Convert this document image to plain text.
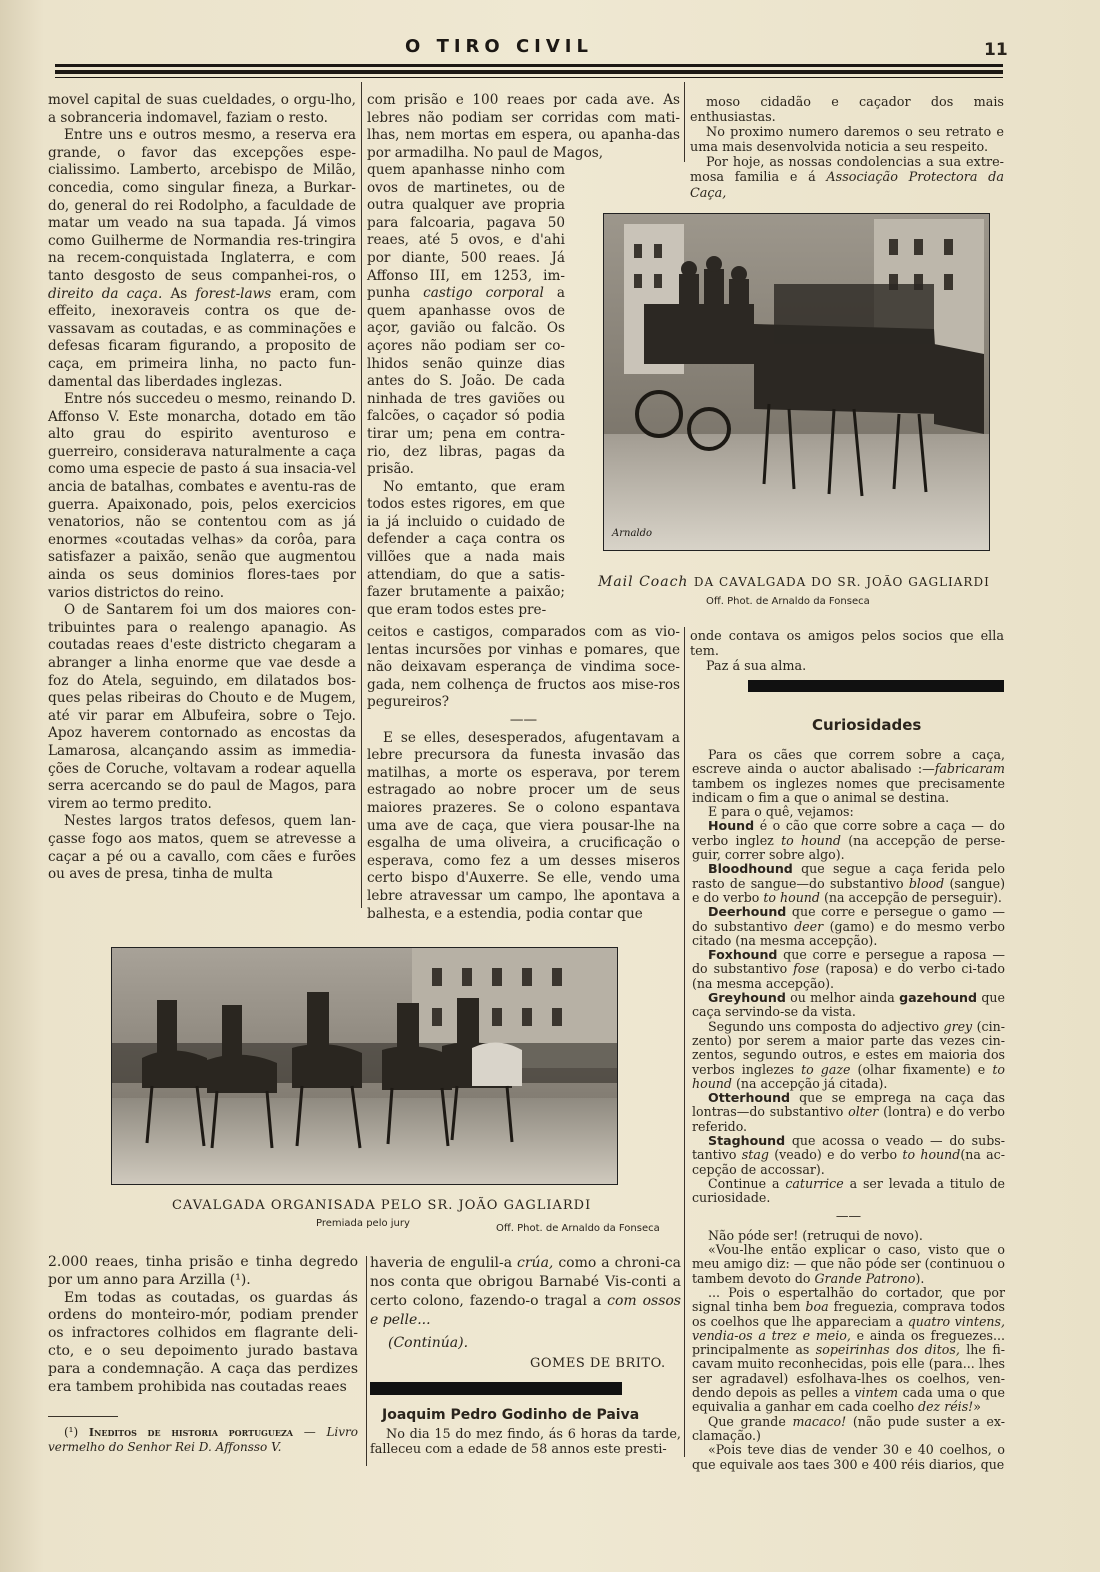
O TIRO CIVIL	11

movel capital de suas cueldades, o orgu-lho, a sobranceria indomavel, faziam o resto.

Entre uns e outros mesmo, a reserva era grande, o favor das excepções espe-cialissimo. Lamberto, arcebispo de Milão, concedia, como singular fineza, a Burkar-do, general do rei Rodolpho, a faculdade de matar um veado na sua tapada. Já vimos como Guilherme de Normandia res-tringira na recem-conquistada Inglaterra, e com tanto desgosto de seus companhei-ros, o direito da caça. As forest-laws eram, com effeito, inexoraveis contra os que de-vassavam as coutadas, e as comminações e defesas ficaram figurando, a proposito de caça, em primeira linha, no pacto fun-damental das liberdades inglezas.

Entre nós succedeu o mesmo, reinando D. Affonso V. Este monarcha, dotado em tão alto grau do espirito aventuroso e guerreiro, considerava naturalmente a caça como uma especie de pasto á sua insacia-vel ancia de batalhas, combates e aventu-ras de guerra. Apaixonado, pois, pelos exercicios venatorios, não se contentou com as já enormes «coutadas velhas» da corôa, para satisfazer a paixão, senão que augmentou ainda os seus dominios flores-taes por varios districtos do reino.

O de Santarem foi um dos maiores con-tribuintes para o realengo apanagio. As coutadas reaes d'este districto chegaram a abranger a linha enorme que vae desde a foz do Atela, seguindo, em dilatados bos-ques pelas ribeiras do Chouto e de Mugem, até vir parar em Albufeira, sobre o Tejo. Apoz haverem contornado as encostas da Lamarosa, alcançando assim as immedia-ções de Coruche, voltavam a rodear aquella serra acercando se do paul de Magos, para virem ao termo predito.

Nestes largos tratos defesos, quem lan-çasse fogo aos matos, quem se atrevesse a caçar a pé ou a cavallo, com cães e furões ou aves de presa, tinha de multa

com prisão e 100 reaes por cada ave. As lebres não podiam ser corridas com mati-lhas, nem mortas em espera, ou apanha-das por armadilha. No paul de Magos,

quem apanhasse ninho com ovos de martinetes, ou de outra qualquer ave propria para falcoaria, pagava 50 reaes, até 5 ovos, e d'ahi por diante, 500 reaes. Já Affonso III, em 1253, im-punha castigo corporal a quem apanhasse ovos de açor, gavião ou falcão. Os açores não podiam ser co-lhidos senão quinze dias antes do S. João. De cada ninhada de tres gaviões ou falcões, o caçador só podia tirar um; pena em contra-rio, dez libras, pagas da prisão.

No emtanto, que eram todos estes rigores, em que ia já incluido o cuidado de defender a caça contra os villões que a nada mais attendiam, do que a satis-fazer brutamente a paixão; que eram todos estes pre-

ceitos e castigos, comparados com as vio-lentas incursões por vinhas e pomares, que não deixavam esperança de vindima soce-gada, nem colhença de fructos aos mise-ros pegureiros?

——

E se elles, desesperados, afugentavam a lebre precursora da funesta invasão das matilhas, a morte os esperava, por terem estragado ao nobre procer um de seus maiores prazeres. Se o colono espantava uma ave de caça, que viera pousar-lhe na esgalha de uma oliveira, a crucificação o esperava, como fez a um desses miseros certo bispo d'Auxerre. Se elle, vendo uma lebre atravessar um campo, lhe apontava a balhesta, e a estendia, podia contar que

moso cidadão e caçador dos mais enthusiastas.

No proximo numero daremos o seu retrato e uma mais desenvolvida noticia a seu respeito.

Por hoje, as nossas condolencias a sua extre-mosa familia e á Associação Protectora da Caça,

Arnaldo
Mail Coach DA CAVALGADA DO SR. JOÃO GAGLIARDI
Off. Phot. de Arnaldo da Fonseca

onde contava os amigos pelos socios que ella tem.

Paz á sua alma.

Curiosidades

Para os cães que correm sobre a caça, escreve ainda o auctor abalisado :—fabricaram tambem os inglezes nomes que precisamente indicam o fim a que o animal se destina.

E para o quê, vejamos:

Hound é o cão que corre sobre a caça — do verbo inglez to hound (na accepção de perse-guir, correr sobre algo).

Bloodhound que segue a caça ferida pelo rasto de sangue—do substantivo blood (sangue) e do verbo to hound (na accepção de perseguir).

Deerhound que corre e persegue o gamo —do substantivo deer (gamo) e do mesmo verbo citado (na mesma accepção).

Foxhound que corre e persegue a raposa —do substantivo fose (raposa) e do verbo ci-tado (na mesma accepção).

Greyhound ou melhor ainda gazehound que caça servindo-se da vista.

Segundo uns composta do adjectivo grey (cin-zento) por serem a maior parte das vezes cin-zentos, segundo outros, e estes em maioria dos verbos inglezes to gaze (olhar fixamente) e to hound (na accepção já citada).

Otterhound que se emprega na caça das lontras—do substantivo olter (lontra) e do verbo referido.

Staghound que acossa o veado — do subs-tantivo stag (veado) e do verbo to hound(na ac-cepção de accossar).

Continue a caturrice a ser levada a titulo de curiosidade.

——

Não póde ser! (retruqui de novo).

«Vou-lhe então explicar o caso, visto que o meu amigo diz: — que não póde ser (continuou o tambem devoto do Grande Patrono).

... Pois o espertalhão do cortador, que por signal tinha bem boa freguezia, comprava todos os coelhos que lhe appareciam a quatro vintens, vendia-os a trez e meio, e ainda os freguezes... principalmente as sopeirinhas dos ditos, lhe fi-cavam muito reconhecidas, pois elle (para... lhes ser agradavel) esfolhava-lhes os coelhos, ven-dendo depois as pelles a vintem cada uma o que equivalia a ganhar em cada coelho dez réis!»

Que grande macaco! (não pude suster a ex-clamação.)

«Pois teve dias de vender 30 e 40 coelhos, o que equivale aos taes 300 e 400 réis diarios, que

CAVALGADA ORGANISADA PELO SR. JOÃO GAGLIARDI
Premiada pelo jury	Off. Phot. de Arnaldo da Fonseca

2.000 reaes, tinha prisão e tinha degredo por um anno para Arzilla (¹).

Em todas as coutadas, os guardas ás ordens do monteiro-mór, podiam prender os infractores colhidos em flagrante deli-cto, e o seu depoimento jurado bastava para a condemnação. A caça das perdizes era tambem prohibida nas coutadas reaes

(¹) Ineditos de historia portugueza — Livro vermelho do Senhor Rei D. Affonsso V.

haveria de engulil-a crúa, como a chroni-ca nos conta que obrigou Barnabé Vis-conti a certo colono, fazendo-o tragal a com ossos e pelle...

(Continúa).
GOMES DE BRITO.
Joaquim Pedro Godinho de Paiva

No dia 15 do mez findo, ás 6 horas da tarde, falleceu com a edade de 58 annos este presti-
